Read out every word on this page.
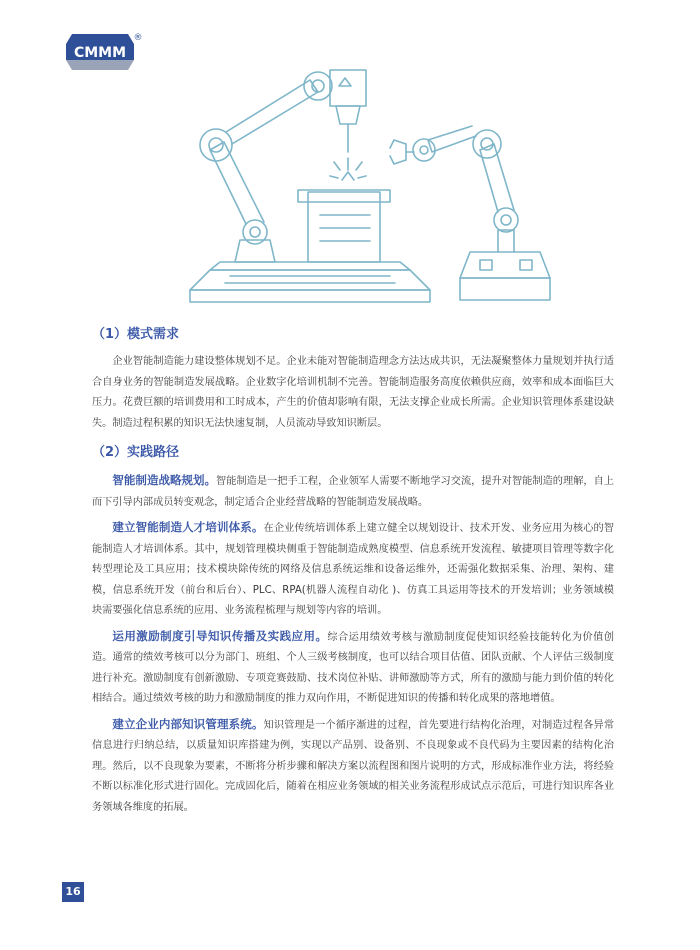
CMMM
®
（1）模式需求

企业智能制造能力建设整体规划不足。企业未能对智能制造理念方法达成共识，无法凝聚整体力量规划并执行适合自身业务的智能制造发展战略。企业数字化培训机制不完善。智能制造服务高度依赖供应商，效率和成本面临巨大压力。花费巨额的培训费用和工时成本，产生的价值却影响有限，无法支撑企业成长所需。企业知识管理体系建设缺失。制造过程积累的知识无法快速复制，人员流动导致知识断层。

（2）实践路径

智能制造战略规划。智能制造是一把手工程，企业领军人需要不断地学习交流，提升对智能制造的理解，自上而下引导内部成员转变观念，制定适合企业经营战略的智能制造发展战略。

建立智能制造人才培训体系。在企业传统培训体系上建立健全以规划设计、技术开发、业务应用为核心的智能制造人才培训体系。其中，规划管理模块侧重于智能制造成熟度模型、信息系统开发流程、敏捷项目管理等数字化转型理论及工具应用；技术模块除传统的网络及信息系统运维和设备运维外，还需强化数据采集、治理、架构、建模，信息系统开发（前台和后台）、PLC、RPA(机器人流程自动化 )、仿真工具运用等技术的开发培训；业务领域模块需要强化信息系统的应用、业务流程梳理与规划等内容的培训。

运用激励制度引导知识传播及实践应用。综合运用绩效考核与激励制度促使知识经验技能转化为价值创造。通常的绩效考核可以分为部门、班组、个人三级考核制度，也可以结合项目估值、团队贡献、个人评估三级制度进行补充。激励制度有创新激励、专项竞赛鼓励、技术岗位补贴、讲师激励等方式，所有的激励与能力到价值的转化相结合。通过绩效考核的助力和激励制度的推力双向作用，不断促进知识的传播和转化成果的落地增值。

建立企业内部知识管理系统。知识管理是一个循序渐进的过程，首先要进行结构化治理，对制造过程各异常信息进行归纳总结，以质量知识库搭建为例，实现以产品别、设备别、不良现象或不良代码为主要因素的结构化治理。然后，以不良现象为要素，不断将分析步骤和解决方案以流程图和图片说明的方式，形成标准作业方法，将经验不断以标准化形式进行固化。完成固化后，随着在相应业务领域的相关业务流程形成试点示范后，可进行知识库各业务领域各维度的拓展。

16
